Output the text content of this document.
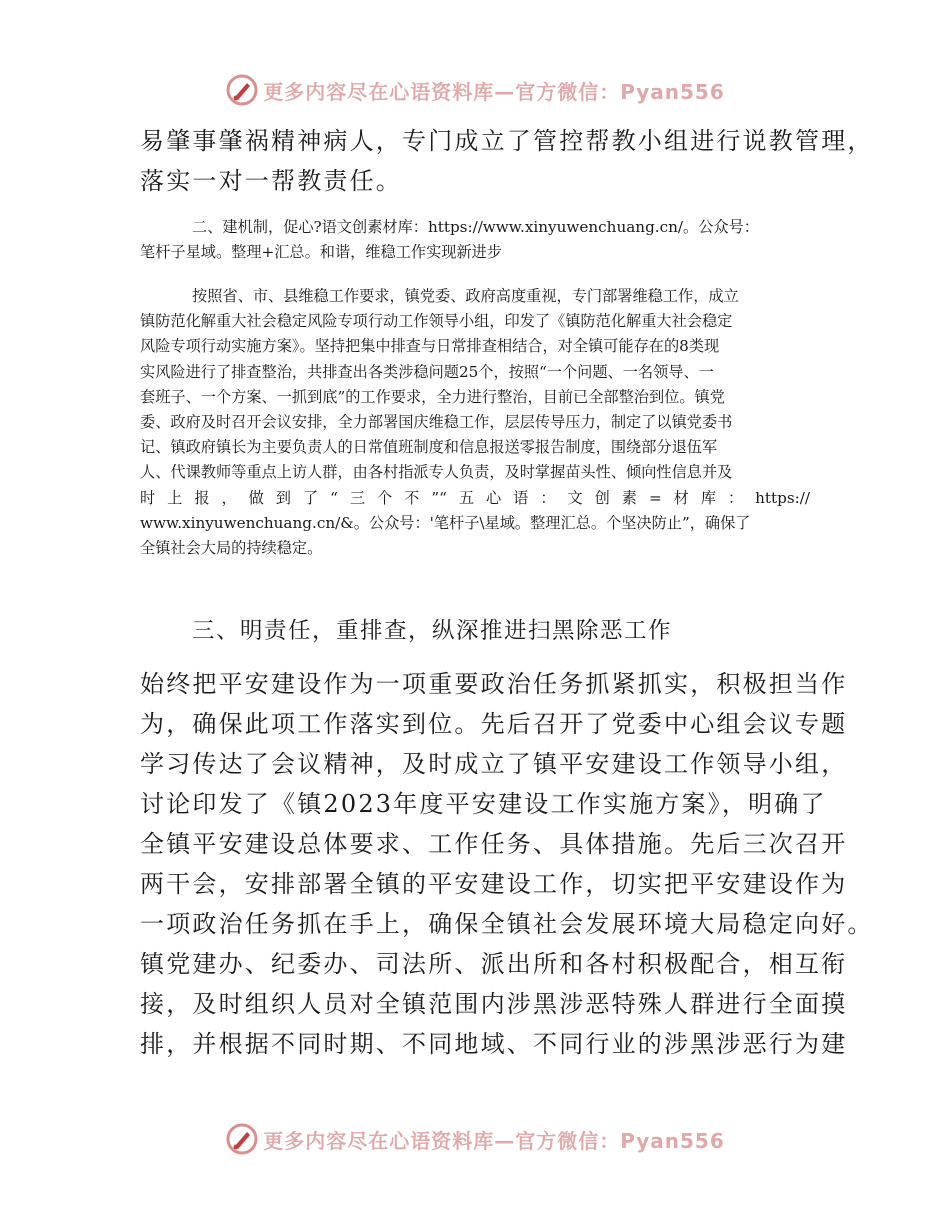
更多内容尽在心语资料库—官方微信：Pyan556
易肇事肇祸精神病人，专门成立了管控帮教小组进行说教管理，
落实一对一帮教责任。
二、建机制，促心?语文创素材库：https://www.xinyuwenchuang.cn/。公众号：
笔杆子星域。整理+汇总。和谐，维稳工作实现新进步
按照省、市、县维稳工作要求，镇党委、政府高度重视，专门部署维稳工作，成立
镇防范化解重大社会稳定风险专项行动工作领导小组，印发了《镇防范化解重大社会稳定
风险专项行动实施方案》。坚持把集中排查与日常排查相结合，对全镇可能存在的8类现
实风险进行了排查整治，共排查出各类涉稳问题25个，按照“一个问题、一名领导、一
套班子、一个方案、一抓到底”的工作要求，全力进行整治，目前已全部整治到位。镇党
委、政府及时召开会议安排，全力部署国庆维稳工作，层层传导压力，制定了以镇党委书
记、镇政府镇长为主要负责人的日常值班制度和信息报送零报告制度，围绕部分退伍军
人、代课教师等重点上访人群，由各村指派专人负责，及时掌握苗头性、倾向性信息并及
时上报，做到了“三个不”“五心语：文创素=材库：https://
www.xinyuwenchuang.cn/&。公众号：'笔杆子\星域。整理汇总。个坚决防止”，确保了
全镇社会大局的持续稳定。
三、明责任，重排查，纵深推进扫黑除恶工作
始终把平安建设作为一项重要政治任务抓紧抓实，积极担当作
为，确保此项工作落实到位。先后召开了党委中心组会议专题
学习传达了会议精神，及时成立了镇平安建设工作领导小组，
讨论印发了《镇2023年度平安建设工作实施方案》，明确了
全镇平安建设总体要求、工作任务、具体措施。先后三次召开
两干会，安排部署全镇的平安建设工作，切实把平安建设作为
一项政治任务抓在手上，确保全镇社会发展环境大局稳定向好。
镇党建办、纪委办、司法所、派出所和各村积极配合，相互衔
接，及时组织人员对全镇范围内涉黑涉恶特殊人群进行全面摸
排，并根据不同时期、不同地域、不同行业的涉黑涉恶行为建
更多内容尽在心语资料库—官方微信：Pyan556
